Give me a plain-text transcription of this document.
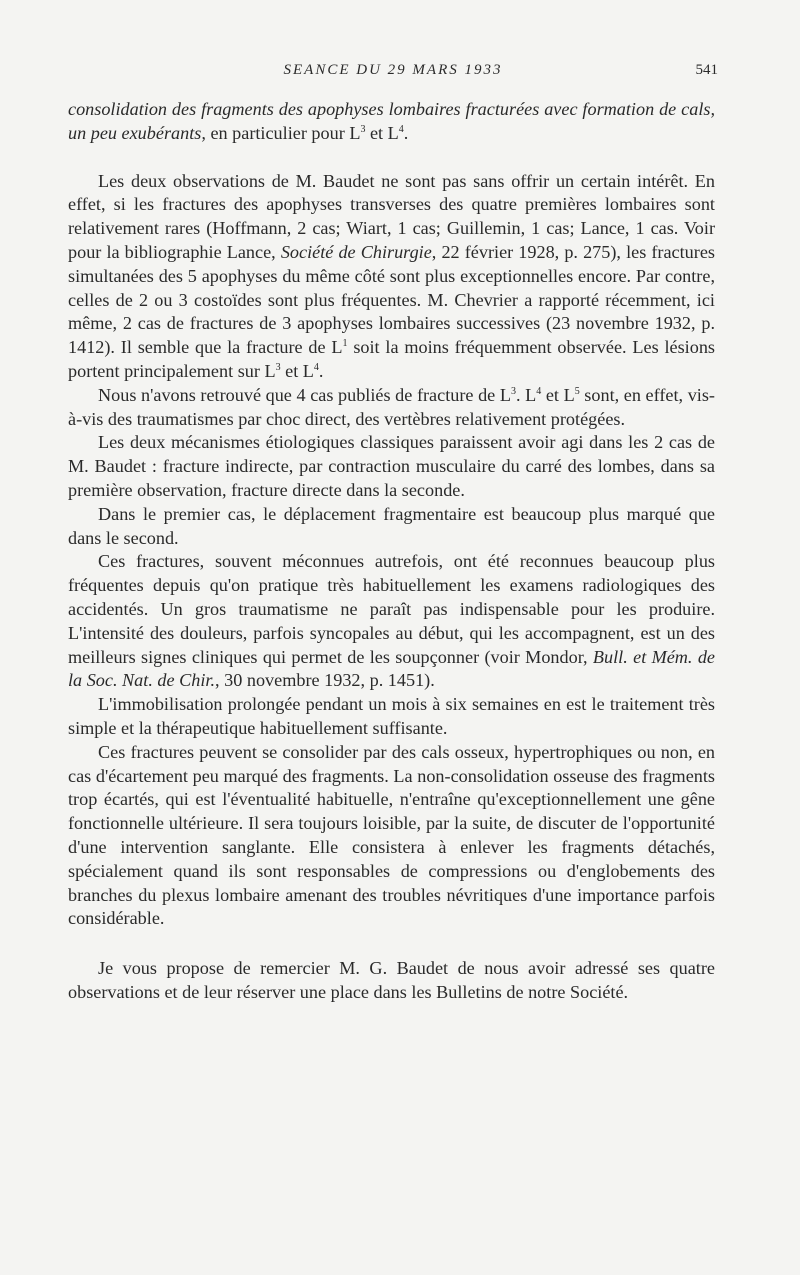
SEANCE DU 29 MARS 1933	541

consolidation des fragments des apophyses lombaires fracturées avec formation de cals, un peu exubérants, en particulier pour $L^3$ et $L^4$.

Les deux observations de M. Baudet ne sont pas sans offrir un certain intérêt. En effet, si les fractures des apophyses transverses des quatre premières lombaires sont relativement rares (Hoffmann, 2 cas; Wiart, 1 cas; Guillemin, 1 cas; Lance, 1 cas. Voir pour la bibliographie Lance, Société de Chirurgie, 22 février 1928, p. 275), les fractures simultanées des 5 apophyses du même côté sont plus exceptionnelles encore. Par contre, celles de 2 ou 3 costoïdes sont plus fréquentes. M. Chevrier a rapporté récemment, ici même, 2 cas de fractures de 3 apophyses lombaires successives (23 novembre 1932, p. 1412). Il semble que la fracture de $L^1$ soit la moins fréquemment observée. Les lésions portent principalement sur $L^3$ et $L^4$.

Nous n'avons retrouvé que 4 cas publiés de fracture de $L^3$. $L^4$ et $L^5$ sont, en effet, vis-à-vis des traumatismes par choc direct, des vertèbres relativement protégées.

Les deux mécanismes étiologiques classiques paraissent avoir agi dans les 2 cas de M. Baudet : fracture indirecte, par contraction musculaire du carré des lombes, dans sa première observation, fracture directe dans la seconde.

Dans le premier cas, le déplacement fragmentaire est beaucoup plus marqué que dans le second.

Ces fractures, souvent méconnues autrefois, ont été reconnues beaucoup plus fréquentes depuis qu'on pratique très habituellement les examens radiologiques des accidentés. Un gros traumatisme ne paraît pas indispensable pour les produire. L'intensité des douleurs, parfois syncopales au début, qui les accompagnent, est un des meilleurs signes cliniques qui permet de les soupçonner (voir Mondor, Bull. et Mém. de la Soc. Nat. de Chir., 30 novembre 1932, p. 1451).

L'immobilisation prolongée pendant un mois à six semaines en est le traitement très simple et la thérapeutique habituellement suffisante.

Ces fractures peuvent se consolider par des cals osseux, hypertrophiques ou non, en cas d'écartement peu marqué des fragments. La non-consolidation osseuse des fragments trop écartés, qui est l'éventualité habituelle, n'entraîne qu'exceptionnellement une gêne fonctionnelle ultérieure. Il sera toujours loisible, par la suite, de discuter de l'opportunité d'une intervention sanglante. Elle consistera à enlever les fragments détachés, spécialement quand ils sont responsables de compressions ou d'englobements des branches du plexus lombaire amenant des troubles névritiques d'une importance parfois considérable.

Je vous propose de remercier M. G. Baudet de nous avoir adressé ses quatre observations et de leur réserver une place dans les Bulletins de notre Société.
